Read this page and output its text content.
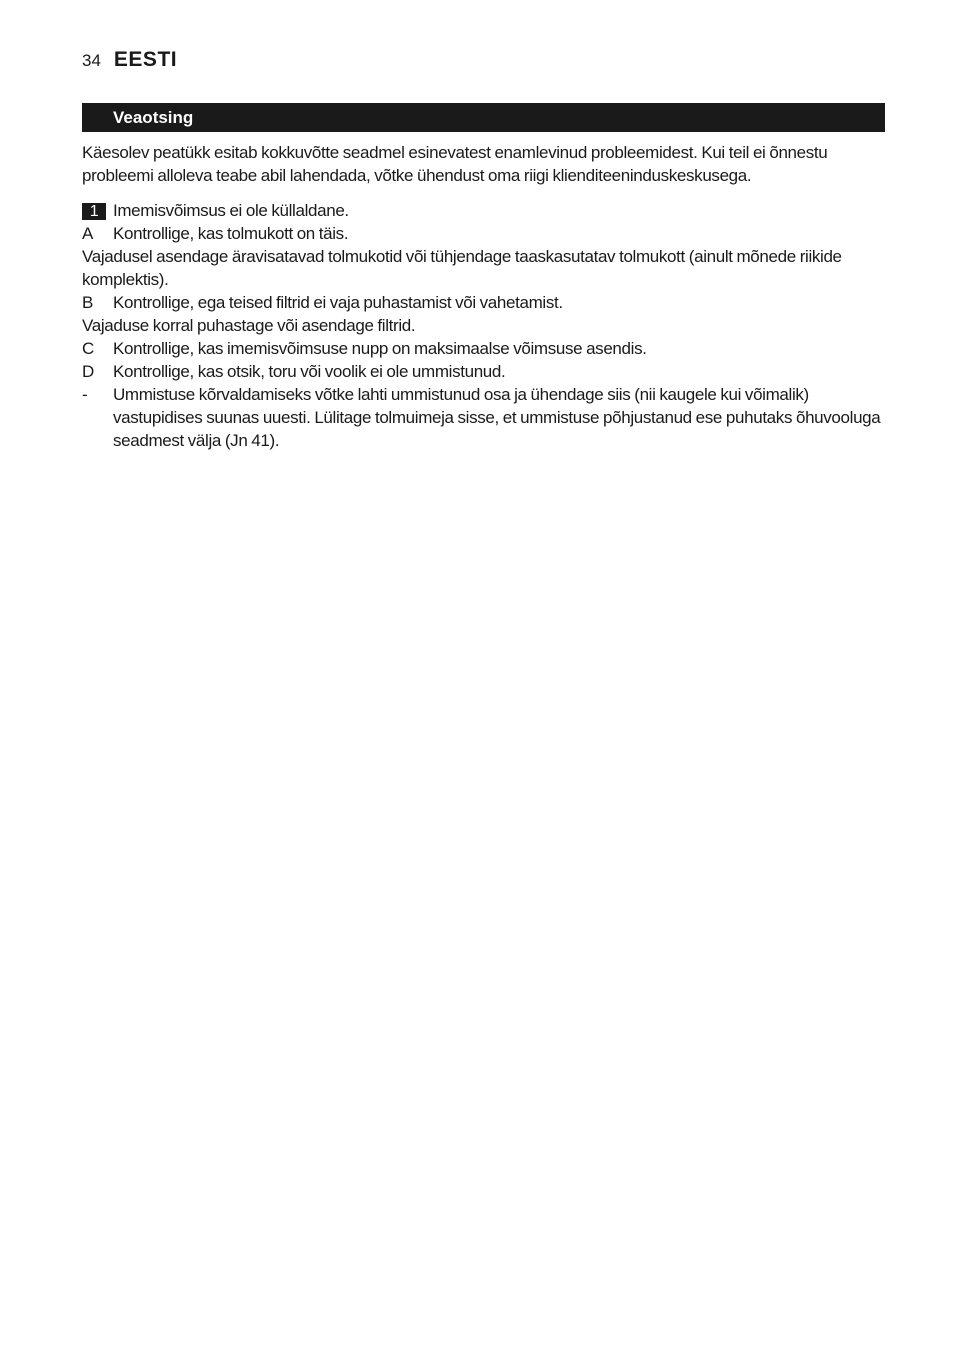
34 EESTI
Veaotsing

Käesolev peatükk esitab kokkuvõtte seadmel esinevatest enamlevinud probleemidest. Kui teil ei õnnestu probleemi alloleva teabe abil lahendada, võtke ühendust oma riigi klienditeeninduskeskusega.

1 Imemisvõimsus ei ole küllaldane.
A	Kontrollige, kas tolmukott on täis.

Vajadusel asendage äravisatavad tolmukotid või tühjendage taaskasutatav tolmukott (ainult mõnede riikide komplektis).

B	Kontrollige, ega teised filtrid ei vaja puhastamist või vahetamist.

Vajaduse korral puhastage või asendage filtrid.

C	Kontrollige, kas imemisvõimsuse nupp on maksimaalse võimsuse asendis.
D	Kontrollige, kas otsik, toru või voolik ei ole ummistunud.
-	Ummistuse kõrvaldamiseks võtke lahti ummistunud osa ja ühendage siis (nii kaugele kui võimalik) vastupidises suunas uuesti. Lülitage tolmuimeja sisse, et ummistuse põhjustanud ese puhutaks õhuvooluga seadmest välja (Jn 41).
